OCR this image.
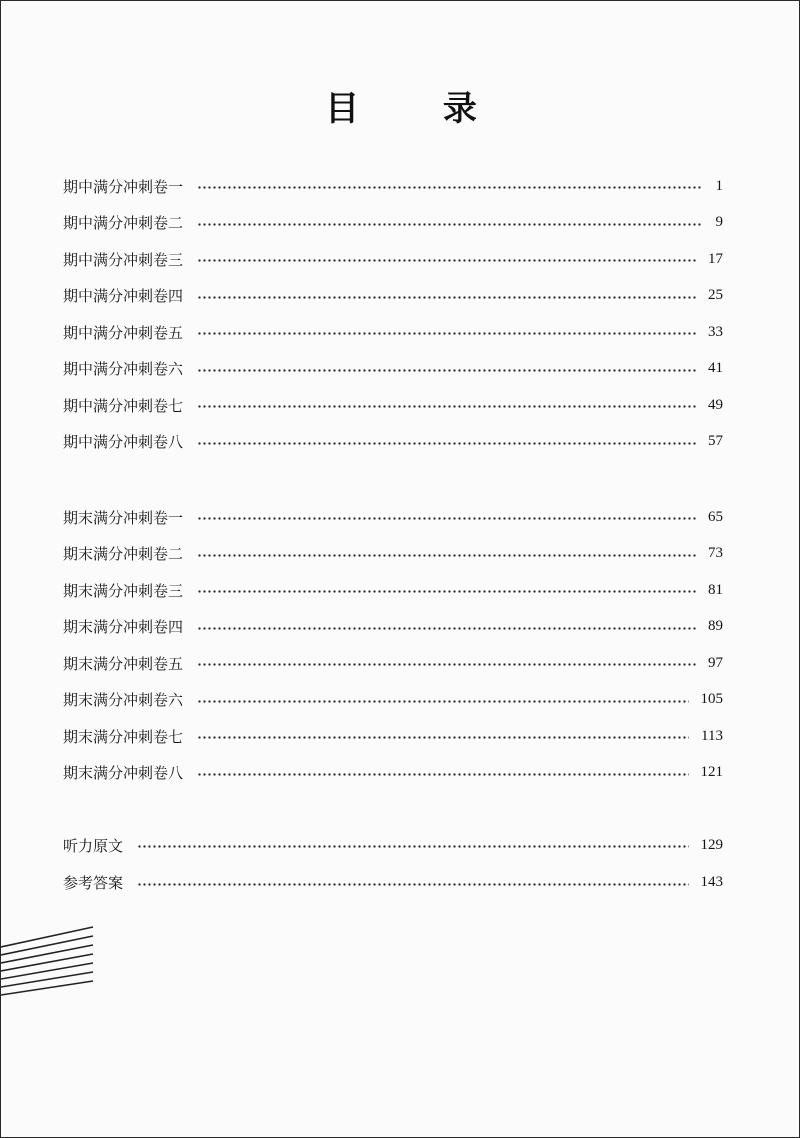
目 录
期中满分冲刺卷一	1
期中满分冲刺卷二	9
期中满分冲刺卷三	17
期中满分冲刺卷四	25
期中满分冲刺卷五	33
期中满分冲刺卷六	41
期中满分冲刺卷七	49
期中满分冲刺卷八	57
期末满分冲刺卷一	65
期末满分冲刺卷二	73
期末满分冲刺卷三	81
期末满分冲刺卷四	89
期末满分冲刺卷五	97
期末满分冲刺卷六	105
期末满分冲刺卷七	113
期末满分冲刺卷八	121
听力原文	129
参考答案	143
